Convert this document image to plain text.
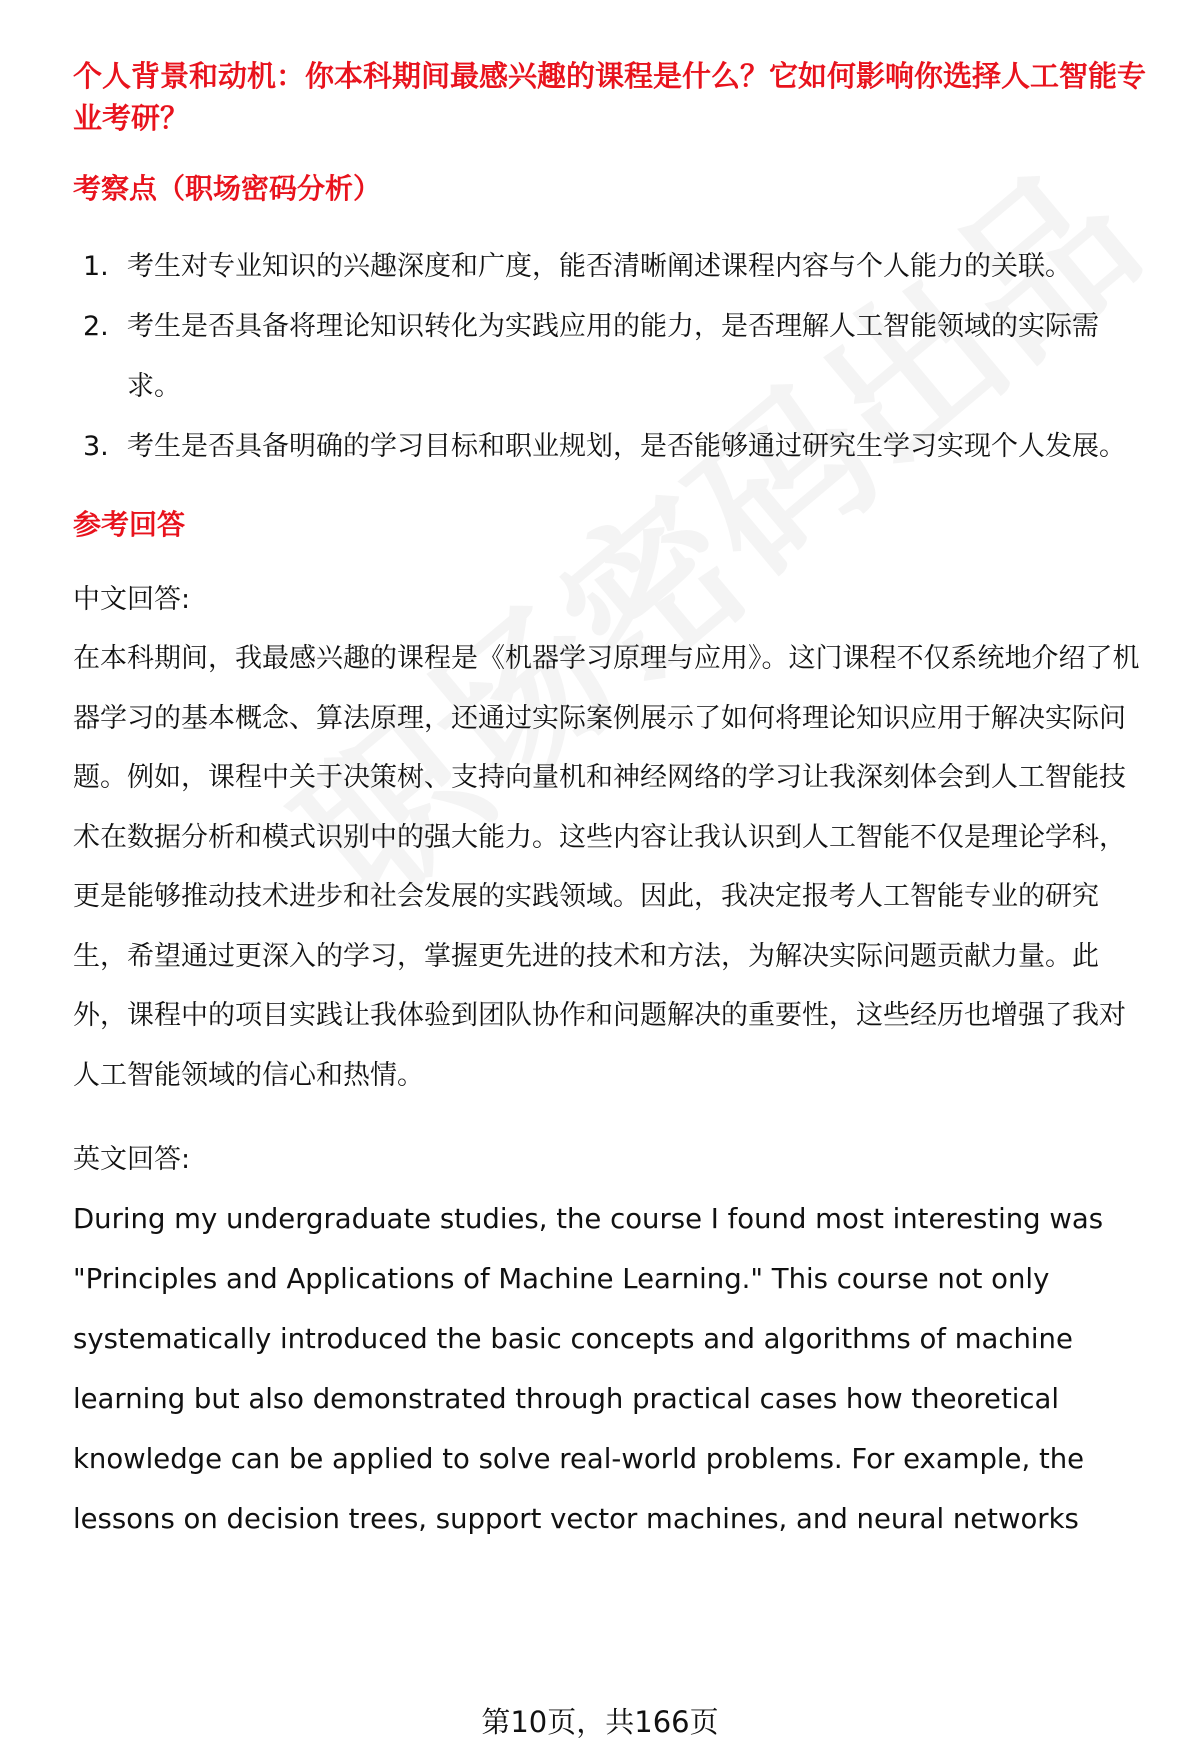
个人背景和动机：你本科期间最感兴趣的课程是什么？它如何影响你选择人工智能专业考研？
考察点（职场密码分析）
1. 考生对专业知识的兴趣深度和广度，能否清晰阐述课程内容与个人能力的关联。
2. 考生是否具备将理论知识转化为实践应用的能力，是否理解人工智能领域的实际需求。
3. 考生是否具备明确的学习目标和职业规划，是否能够通过研究生学习实现个人发展。
参考回答
中文回答:

在本科期间，我最感兴趣的课程是《机器学习原理与应用》。这门课程不仅系统地介绍了机器学习的基本概念、算法原理，还通过实际案例展示了如何将理论知识应用于解决实际问题。例如，课程中关于决策树、支持向量机和神经网络的学习让我深刻体会到人工智能技术在数据分析和模式识别中的强大能力。这些内容让我认识到人工智能不仅是理论学科，更是能够推动技术进步和社会发展的实践领域。因此，我决定报考人工智能专业的研究生，希望通过更深入的学习，掌握更先进的技术和方法，为解决实际问题贡献力量。此外，课程中的项目实践让我体验到团队协作和问题解决的重要性，这些经历也增强了我对人工智能领域的信心和热情。

英文回答:

During my undergraduate studies, the course I found most interesting was "Principles and Applications of Machine Learning." This course not only systematically introduced the basic concepts and algorithms of machine learning but also demonstrated through practical cases how theoretical knowledge can be applied to solve real-world problems. For example, the lessons on decision trees, support vector machines, and neural networks

第10页，共166页
